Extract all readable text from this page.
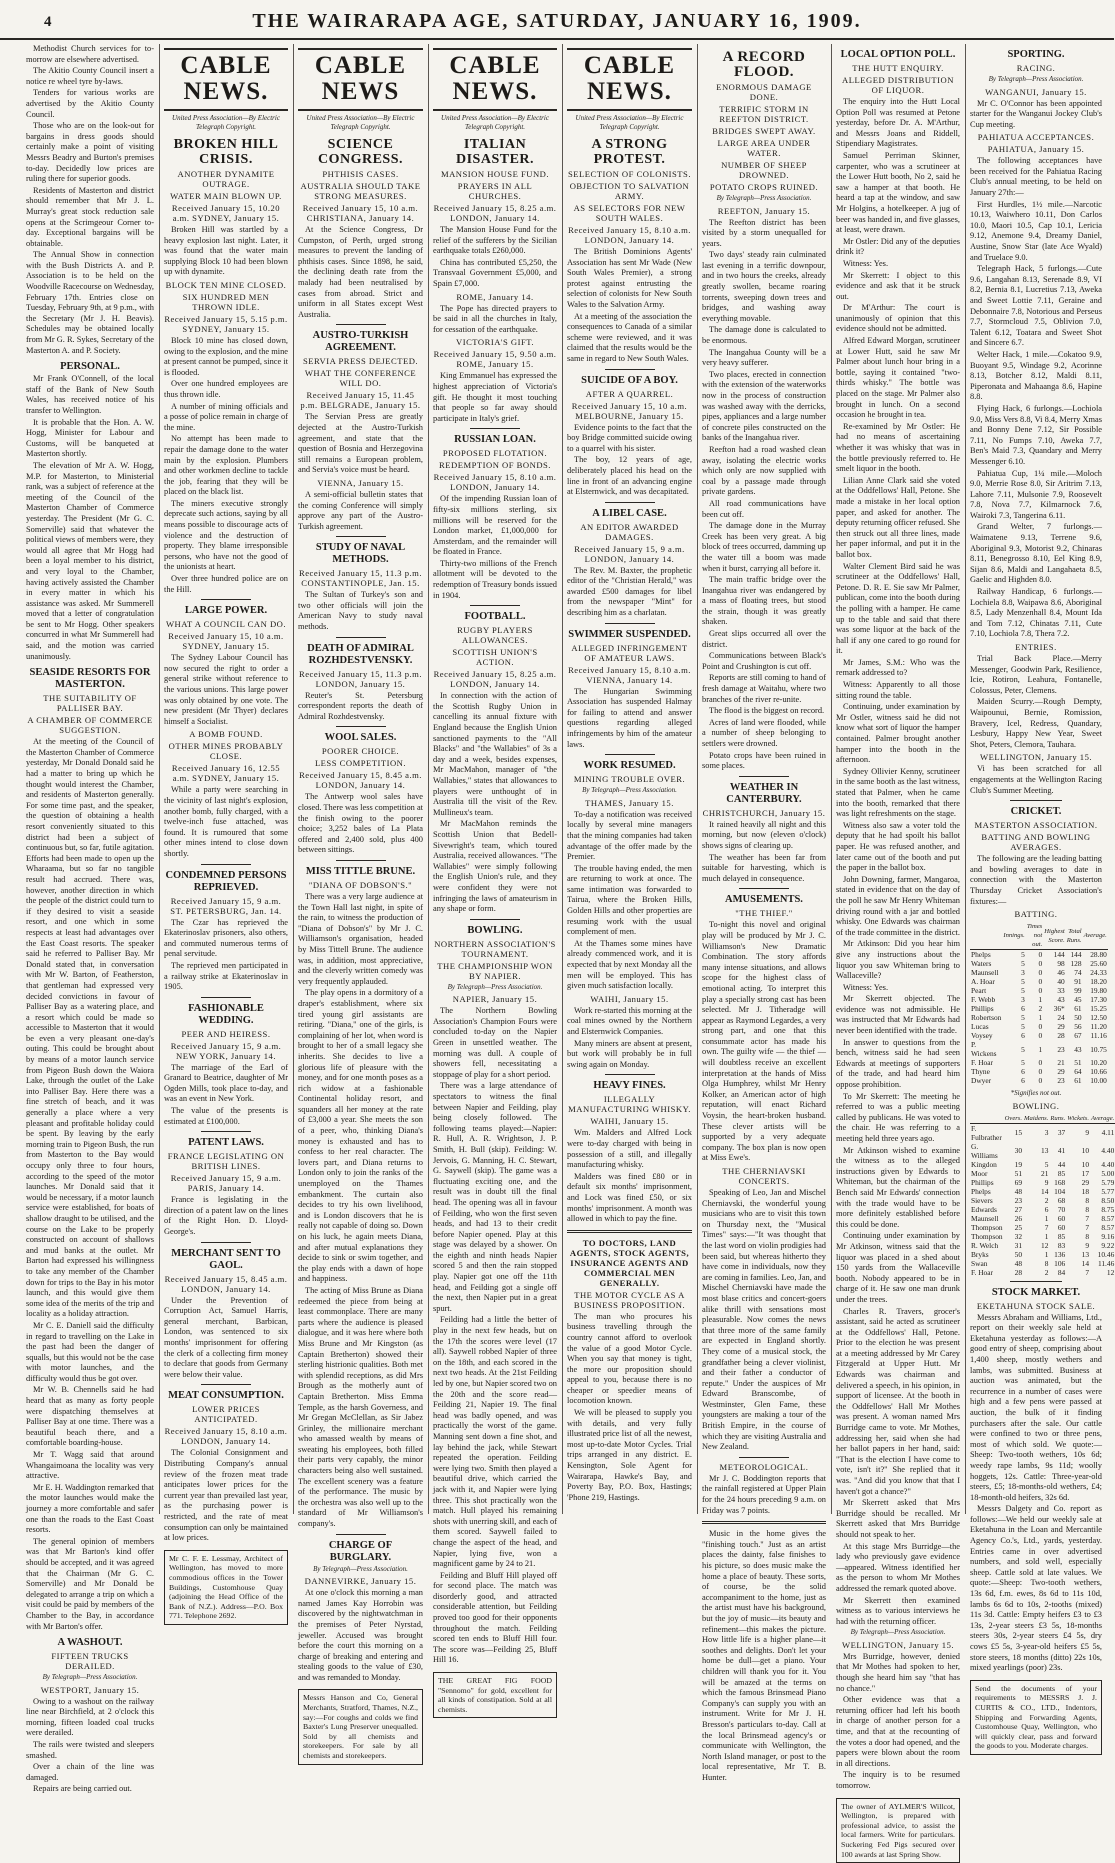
4	THE WAIRARAPA AGE, SATURDAY, JANUARY 16, 1909.

Methodist Church services for to-morrow are elsewhere advertised.

The Akitio County Council insert a notice re wheel tyre by-laws.

Tenders for various works are advertised by the Akitio County Council.

Those who are on the look-out for bargains in dress goods should certainly make a point of visiting Messrs Beadry and Burton's premises to-day. Decidedly low prices are ruling there for superior goods.

Residents of Masterton and district should remember that Mr J. L. Murray's great stock reduction sale opens at the Scrimgeour Corner to-day. Exceptional bargains will be obtainable.

The Annual Show in connection with the Bush Districts A. and P. Association is to be held on the Woodville Racecourse on Wednesday, February 17th. Entries close on Tuesday, February 9th, at 9 p.m., with the Secretary (Mr J. H. Beavis). Schedules may be obtained locally from Mr G. R. Sykes, Secretary of the Masterton A. and P. Society.

PERSONAL.

Mr Frank O'Connell, of the local staff of the Bank of New South Wales, has received notice of his transfer to Wellington.

It is probable that the Hon. A. W. Hogg, Minister for Labour and Customs, will be banqueted at Masterton shortly.

The elevation of Mr A. W. Hogg, M.P. for Masterton, to Ministerial rank, was a subject of reference at the meeting of the Council of the Masterton Chamber of Commerce yesterday. The President (Mr G. C. Somerville) said that whatever the political views of members were, they would all agree that Mr Hogg had been a loyal member to his district, and very loyal to the Chamber, having actively assisted the Chamber in every matter in which his assistance was asked. Mr Summerell moved that a letter of congratulation be sent to Mr Hogg. Other speakers concurred in what Mr Summerell had said, and the motion was carried unanimously.

SEASIDE RESORTS FOR MASTERTON.
THE SUITABILITY OF PALLISER BAY.
A CHAMBER OF COMMERCE SUGGESTION.

At the meeting of the Council of the Masterton Chamber of Commerce yesterday, Mr Donald Donald said he had a matter to bring up which he thought would interest the Chamber, and residents of Masterton generally. For some time past, and the speaker, the question of obtaining a health resort conveniently situated to this district had been a subject of continuous but, so far, futile agitation. Efforts had been made to open up the Wharaama, but so far no tangible result had accrued. There was, however, another direction in which the people of the district could turn to if they desired to visit a seaside resort, and one which in some respects at least had advantages over the East Coast resorts. The speaker said he referred to Palliser Bay. Mr Donald stated that, in conversation with Mr W. Barton, of Featherston, that gentleman had expressed very decided convictions in favour of Palliser Bay as a watering place, and a resort which could be made so accessible to Masterton that it would be even a very pleasant one-day's outing. This could be brought about by means of a motor launch service from Pigeon Bush down the Waiora Lake, through the outlet of the Lake into Palliser Bay. Here there was a fine stretch of beach, and it was generally a place where a very pleasant and profitable holiday could be spent. By leaving by the early morning train to Pigeon Bush, the run from Masterton to the Bay would occupy only three to four hours, according to the speed of the motor launches. Mr Donald said that it would be necessary, if a motor launch service were established, for boats of shallow draught to be utilised, and the course on the Lake to be properly constructed on account of shallows and mud banks at the outlet. Mr Barton had expressed his willingness to take any member of the Chamber down for trips to the Bay in his motor launch, and this would give them some idea of the merits of the trip and locality as a holiday attraction.

Mr C. E. Daniell said the difficulty in regard to travelling on the Lake in the past had been the danger of squalls, but this would not be the case with motor launches, and the difficulty would thus be got over.

Mr W. B. Chennells said he had heard that as many as forty people were dispatching themselves at Palliser Bay at one time. There was a beautiful beach there, and a comfortable boarding-house.

Mr T. Wagg said that around Whangaimoana the locality was very attractive.

Mr E. H. Waddington remarked that the motor launches would make the journey a more comfortable and safer one than the roads to the East Coast resorts.

The general opinion of members was that Mr Barton's kind offer should be accepted, and it was agreed that the Chairman (Mr G. C. Somerville) and Mr Donald be delegated to arrange a trip on which a visit could be paid by members of the Chamber to the Bay, in accordance with Mr Barton's offer.

A WASHOUT.
FIFTEEN TRUCKS DERAILED.
By Telegraph—Press Association.
WESTPORT, January 15.

Owing to a washout on the railway line near Birchfield, at 2 o'clock this morning, fifteen loaded coal trucks were derailed.

The rails were twisted and sleepers smashed.

Over a chain of the line was damaged.

Repairs are being carried out.

CABLE NEWS.
United Press Association—By Electric Telegraph Copyright.
BROKEN HILL CRISIS.
ANOTHER DYNAMITE OUTRAGE.
WATER MAIN BLOWN UP.
Received January 15, 10.20 a.m. SYDNEY, January 15.

Broken Hill was startled by a heavy explosion last night. Later, it was found that the water main supplying Block 10 had been blown up with dynamite.

BLOCK TEN MINE CLOSED.
SIX HUNDRED MEN THROWN IDLE.
Received January 15, 5.15 p.m. SYDNEY, January 15.

Block 10 mine has closed down, owing to the explosion, and the mine at present cannot be pumped, since it is flooded.

Over one hundred employees are thus thrown idle.

A number of mining officials and a posse of police remain in charge of the mine.

No attempt has been made to repair the damage done to the water main by the explosion. Plumbers and other workmen decline to tackle the job, fearing that they will be placed on the black list.

The miners executive strongly deprecate such actions, saying by all means possible to discourage acts of violence and the destruction of property. They blame irresponsible persons, who have not the good of the unionists at heart.

Over three hundred police are on the Hill.

LARGE POWER.
WHAT A COUNCIL CAN DO.
Received January 15, 10 a.m. SYDNEY, January 15.

The Sydney Labour Council has now secured the right to order a general strike without reference to the various unions. This large power was only obtained by one vote. The new president (Mr Thyer) declares himself a Socialist.

A BOMB FOUND.
OTHER MINES PROBABLY CLOSE.
Received January 16, 12.55 a.m. SYDNEY, January 15.

While a party were searching in the vicinity of last night's explosion, another bomb, fully charged, with a twelve-inch fuse attached, was found. It is rumoured that some other mines intend to close down shortly.

CONDEMNED PERSONS REPRIEVED.
Received January 15, 9 a.m. ST. PETERSBURG, Jan. 14.

The Czar has reprieved the Ekaterinoslav prisoners, also others, and commuted numerous terms of penal servitude.

The reprieved men participated in a railway strike at Ekaterinoslav in 1905.

FASHIONABLE WEDDING.
PEER AND HEIRESS.
Received January 15, 9 a.m. NEW YORK, January 14.

The marriage of the Earl of Granard to Beatrice, daughter of Mr Ogden Mills, took place to-day, and was an event in New York.

The value of the presents is estimated at £100,000.

PATENT LAWS.
FRANCE LEGISLATING ON BRITISH LINES.
Received January 15, 9 a.m. PARIS, January 14.

France is legislating in the direction of a patent law on the lines of the Right Hon. D. Lloyd-George's.

MERCHANT SENT TO GAOL.
Received January 15, 8.45 a.m. LONDON, January 14.

Under the Prevention of Corruption Act, Samuel Harris, general merchant, Barbican, London, was sentenced to six months' imprisonment for offering the clerk of a collecting firm money to declare that goods from Germany were below their value.

MEAT CONSUMPTION.
LOWER PRICES ANTICIPATED.
Received January 15, 8.10 a.m. LONDON, January 14.

The Colonial Consignment and Distributing Company's annual review of the frozen meat trade anticipates lower prices for the current year than prevailed last year, as the purchasing power is restricted, and the rate of meat consumption can only be maintained at low prices.

Mr C. F. E. Lessmay, Architect of Wellington, has moved to more commodious offices in the Tower Buildings, Customhouse Quay (adjoining the Head Office of the Bank of N.Z.). Address—P.O. Box 771. Telephone 2692.
CABLE NEWS
United Press Association—By Electric Telegraph Copyright.
SCIENCE CONGRESS.
PHTHISIS CASES.
AUSTRALIA SHOULD TAKE STRONG MEASURES.
Received January 15, 10 a.m. CHRISTIANA, January 14.

At the Science Congress, Dr Cumpston, of Perth, urged strong measures to prevent the landing of phthisis cases. Since 1898, he said, the declining death rate from the malady had been neutralised by cases from abroad. Strict and uniform in all States except West Australia.

AUSTRO-TURKISH AGREEMENT.
SERVIA PRESS DEJECTED.
WHAT THE CONFERENCE WILL DO.
Received January 15, 11.45 p.m. BELGRADE, January 15.

The Servian Press are greatly dejected at the Austro-Turkish agreement, and state that the question of Bosnia and Herzegovina still remains a European problem, and Servia's voice must be heard.

VIENNA, January 15.

A semi-official bulletin states that the coming Conference will simply approve any part of the Austro-Turkish agreement.

STUDY OF NAVAL METHODS.
Received January 15, 11.3 p.m. CONSTANTINOPLE, Jan. 15.

The Sultan of Turkey's son and two other officials will join the American Navy to study naval methods.

DEATH OF ADMIRAL ROZHDESTVENSKY.
Received January 15, 11.3 p.m. LONDON, January 15.

Reuter's St. Petersburg correspondent reports the death of Admiral Rozhdestvensky.

WOOL SALES.
POORER CHOICE.
LESS COMPETITION.
Received January 15, 8.45 a.m. LONDON, January 14.

The Antwerp wool sales have closed. There was less competition at the finish owing to the poorer choice; 3,252 bales of La Plata offered and 2,400 sold, plus 400 between sittings.

MISS TITTLE BRUNE.
"DIANA OF DOBSON'S."

There was a very large audience at the Town Hall last night, in spite of the rain, to witness the production of "Diana of Dobson's" by Mr J. C. Williamson's organisation, headed by Miss Tittell Brune. The audience was, in addition, most appreciative, and the cleverly written comedy was very frequently applauded.

The play opens in a dormitory of a draper's establishment, where six tired young girl assistants are retiring. "Diana," one of the girls, is complaining of her lot, when word is brought to her of a small legacy she inherits. She decides to live a glorious life of pleasure with the money, and for one month poses as a rich widow at a fashionable Continental holiday resort, and squanders all her money at the rate of £3,000 a year. She meets the son of a peer, who, thinking Diana's money is exhausted and has to confess to her real character. The lovers part, and Diana returns to London only to join the ranks of the unemployed on the Thames embankment. The curtain also decides to try his own livelihood, and is London discovers that he is really not capable of doing so. Down on his luck, he again meets Diana, and after mutual explanations they decide to sink or swim together, and the play ends with a dawn of hope and happiness.

The acting of Miss Brune as Diana redeemed the piece from being at least commonplace. There are many parts where the audience is pleased dialogue, and it was here where both Miss Brune and Mr Kingston (as Captain Bretherton) showed their sterling histrionic qualities. Both met with splendid receptions, as did Mrs Brough as the motherly aunt of Captain Bretherton. Miss Emma Temple, as the harsh Governess, and Mr Gregan McClellan, as Sir Jabez Grinley, the millionaire merchant who amassed wealth by means of sweating his employees, both filled their parts very capably, the minor characters being also well sustained. The excellent scenery was a feature of the performance. The music by the orchestra was also well up to the standard of Mr Williamson's company's.

CHARGE OF BURGLARY.
By Telegraph—Press Association.
DANNEVIRKE, January 15.

At one o'clock this morning a man named James Kay Horrobin was discovered by the nightwatchman in the premises of Peter Nyrstad, jeweller. Accused was brought before the court this morning on a charge of breaking and entering and stealing goods to the value of £30, and was remanded to Monday.

Messrs Hanson and Co, General Merchants, Stratford, Thames, N.Z., say:—For coughs and colds we find Baxter's Lung Preserver unequalled. Sold by all chemists and storekeepers. For sale by all chemists and storekeepers.
CABLE NEWS.
United Press Association—By Electric Telegraph Copyright.
ITALIAN DISASTER.
MANSION HOUSE FUND.
PRAYERS IN ALL CHURCHES.
Received January 15, 8.25 a.m. LONDON, January 14.

The Mansion House Fund for the relief of the sufferers by the Sicilian earthquake totals £260,000.

China has contributed £5,250, the Transvaal Government £5,000, and Spain £7,000.

ROME, January 14.

The Pope has directed prayers to be said in all the churches in Italy, for cessation of the earthquake.

VICTORIA'S GIFT.
Received January 15, 9.50 a.m. ROME, January 15.

King Emmanuel has expressed the highest appreciation of Victoria's gift. He thought it most touching that people so far away should participate in Italy's grief.

RUSSIAN LOAN.
PROPOSED FLOTATION.
REDEMPTION OF BONDS.
Received January 15, 8.10 a.m. LONDON, January 14.

Of the impending Russian loan of fifty-six millions sterling, six millions will be reserved for the London market, £1,000,000 for Amsterdam, and the remainder will be floated in France.

Thirty-two millions of the French allotment will be devoted to the redemption of Treasury bonds issued in 1904.

FOOTBALL.
RUGBY PLAYERS ALLOWANCES.
SCOTTISH UNION'S ACTION.
Received January 15, 8.25 a.m. LONDON, January 14.

In connection with the action of the Scottish Rugby Union in cancelling its annual fixture with England because the English Union sanctioned payments to the "All Blacks" and "the Wallabies" of 3s a day and a week, besides expenses, Mr MacMahon, manager of "the Wallabies," states that allowances to players were unthought of in Australia till the visit of the Rev. Mullineux's team.

Mr MacMahon reminds the Scottish Union that Bedell-Sivewright's team, which toured Australia, received allowances. "The Wallabies" were simply following the English Union's rule, and they were confident they were not infringing the laws of amateurism in any shape or form.

BOWLING.
NORTHERN ASSOCIATION'S TOURNAMENT.
THE CHAMPIONSHIP WON BY NAPIER.
By Telegraph—Press Association.
NAPIER, January 15.

The Northern Bowling Association's Champion Fours were concluded to-day on the Napier Green in unsettled weather. The morning was dull. A couple of showers fell, necessitating a stoppage of play for a short period.

There was a large attendance of spectators to witness the final between Napier and Feilding, play being closely followed. The following teams played:—Napier: R. Hull, A. R. Wrightson, J. P. Smith, H. Bull (skip). Feilding: W. Jervois, G. Manning, H. C. Stewart, G. Saywell (skip). The game was a fluctuating exciting one, and the result was in doubt till the final head. The opening was all in favour of Feilding, who won the first seven heads, and had 13 to their credit before Napier opened. Play at this stage was delayed by a shower. On the eighth and ninth heads Napier scored 5 and then the rain stopped play. Napier got one off the 11th head, and Feilding got a single off the next, then Napier put in a great spurt.

Feilding had a little the better of play in the next few heads, but on the 17th the scores were level (17 all). Saywell robbed Napier of three on the 18th, and each scored in the next two heads. At the 21st Feilding led by one, but Napier scored two on the 20th and the score read—Feilding 21, Napier 19. The final head was badly opened, and was practically the worst of the game. Manning sent down a fine shot, and lay behind the jack, while Stewart repeated the operation. Feilding were lying two. Smith then played a beautiful drive, which carried the jack with it, and Napier were lying three. This shot practically won the match. Hull played his remaining shots with unerring skill, and each of them scored. Saywell failed to change the aspect of the head, and Napier, lying five, won a magnificent game by 24 to 21.

Feilding and Bluff Hill played off for second place. The match was disorderly good, and attracted considerable attention, but Feilding proved too good for their opponents throughout the match. Feilding scored ten ends to Bluff Hill four. The score was—Feilding 25, Bluff Hill 16.

THE GREAT FIG FOOD "Sennomo" for gold, excellent for all kinds of constipation. Sold at all chemists.
CABLE NEWS.
United Press Association—By Electric Telegraph Copyright.
A STRONG PROTEST.
SELECTION OF COLONISTS.
OBJECTION TO SALVATION ARMY.
AS SELECTORS FOR NEW SOUTH WALES.
Received January 15, 8.10 a.m. LONDON, January 14.

The British Dominions Agents' Association has sent Mr Wade (New South Wales Premier), a strong protest against entrusting the selection of colonists for New South Wales to the Salvation Army.

At a meeting of the association the consequences to Canada of a similar scheme were reviewed, and it was claimed that the results would be the same in regard to New South Wales.

SUICIDE OF A BOY.
AFTER A QUARREL.
Received January 15, 10 a.m. MELBOURNE, January 15.

Evidence points to the fact that the boy Bridge committed suicide owing to a quarrel with his sister.

The boy, 12 years of age, deliberately placed his head on the line in front of an advancing engine at Elsternwick, and was decapitated.

A LIBEL CASE.
AN EDITOR AWARDED DAMAGES.
Received January 15, 9 a.m. LONDON, January 14.

The Rev. M. Baxter, the prophetic editor of the "Christian Herald," was awarded £500 damages for libel from the newspaper "Mint" for describing him as a charlatan.

SWIMMER SUSPENDED.
ALLEGED INFRINGEMENT OF AMATEUR LAWS.
Received January 15, 8.10 a.m. VIENNA, January 14.

The Hungarian Swimming Association has suspended Halmay for failing to attend and answer questions regarding alleged infringements by him of the amateur laws.

WORK RESUMED.
MINING TROUBLE OVER.
By Telegraph—Press Association.
THAMES, January 15.

To-day a notification was received locally by several mine managers that the mining companies had taken advantage of the offer made by the Premier.

The trouble having ended, the men are returning to work at once. The same intimation was forwarded to Tairua, where the Broken Hills, Golden Hills and other properties are resuming work with the usual complement of men.

At the Thames some mines have already commenced work, and it is expected that by next Monday all the men will be employed. This has given much satisfaction locally.

WAIHI, January 15.

Work re-started this morning at the coal mines owned by the Northern and Elsternwick Companies.

Many miners are absent at present, but work will probably be in full swing again on Monday.

HEAVY FINES.
ILLEGALLY MANUFACTURING WHISKY.
WAIHI, January 15.

Wm. Malders and Alfred Lock were to-day charged with being in possession of a still, and illegally manufacturing whisky.

Malders was fined £80 or in default six months' imprisonment, and Lock was fined £50, or six months' imprisonment. A month was allowed in which to pay the fine.

TO DOCTORS, LAND AGENTS, STOCK AGENTS, INSURANCE AGENTS AND COMMERCIAL MEN GENERALLY.
THE MOTOR CYCLE AS A BUSINESS PROPOSITION.

The man who procures his business travelling through the country cannot afford to overlook the value of a good Motor Cycle. When you say that money is tight, the more our proposition should appeal to you, because there is no cheaper or speedier means of locomotion known.

We will be pleased to supply you with details, and very fully illustrated price list of all the newest, most up-to-date Motor Cycles. Trial trips arranged in any district. E. Kensington, Sole Agent for Wairarapa, Hawke's Bay, and Poverty Bay, P.O. Box, Hastings; 'Phone 219, Hastings.

A RECORD FLOOD.
ENORMOUS DAMAGE DONE.
TERRIFIC STORM IN REEFTON DISTRICT.
BRIDGES SWEPT AWAY.
LARGE AREA UNDER WATER.
NUMBER OF SHEEP DROWNED.
POTATO CROPS RUINED.
By Telegraph—Press Association.
REEFTON, January 15.

The Reefton district has been visited by a storm unequalled for years.

Two days' steady rain culminated last evening in a terrific downpour, and in two hours the creeks, already greatly swollen, became roaring torrents, sweeping down trees and bridges, and washing away everything movable.

The damage done is calculated to be enormous.

The Inangahua County will be a very heavy sufferer.

Two places, erected in connection with the extension of the waterworks now in the process of construction was washed away with the derricks, pipes, appliances and a large number of concrete piles constructed on the banks of the Inangahua river.

Reefton had a road washed clean away, isolating the electric works which only are now supplied with coal by a passage made through private gardens.

All road communications have been cut off.

The damage done in the Murray Creek has been very great. A big block of trees occurred, damming up the water till a boom was made when it burst, carrying all before it.

The main traffic bridge over the Inangahua river was endangered by a mass of floating trees, but stood the strain, though it was greatly shaken.

Great slips occurred all over the district.

Communications between Black's Point and Crushington is cut off.

Reports are still coming to hand of fresh damage at Waitahu, where two branches of the river re-unite.

The flood is the biggest on record.

Acres of land were flooded, while a number of sheep belonging to settlers were drowned.

Potato crops have been ruined in some places.

WEATHER IN CANTERBURY.
CHRISTCHURCH, January 15.

It rained heavily all night and this morning, but now (eleven o'clock) shows signs of clearing up.

The weather has been far from suitable for harvesting, which is much delayed in consequence.

AMUSEMENTS.
"THE THIEF."

To-night this novel and original play will be produced by Mr J. C. Williamson's New Dramatic Combination. The story affords many intense situations, and allows scope for the highest class of emotional acting. To interpret this play a specially strong cast has been selected. Mr J. Titheradge will appear as Raymond Legardes, a very strong part, and one that this consummate actor has made his own. The guilty wife — the thief — will doubtless receive an excellent interpretation at the hands of Miss Olga Humphrey, whilst Mr Henry Kolker, an American actor of high reputation, will enact Richard Voysin, the heart-broken husband. These clever artists will be supported by a very adequate company. The box plan is now open at Miss Ewe's.

THE CHERNIAVSKI CONCERTS.

Speaking of Leo, Jan and Mischel Cherniavski, the wonderful young musicians who are to visit this town on Thursday next, the "Musical Times" says:—"It was thought that the last word on violin prodigies had been said, but whereas hitherto they have come in individuals, now they are coming in families. Leo, Jan, and Mischel Cherniavski have made the most blase critics and concert-goers alike thrill with sensations most pleasurable. Now comes the news that three more of the same family are expected in England shortly. They come of a musical stock, the grandfather being a clever violinist, and their father a conductor of repute." Under the auspices of Mr Edward Branscombe, of Westminster, Glen Fame, these youngsters are making a tour of the British Empire, in the course of which they are visiting Australia and New Zealand.

METEOROLOGICAL.

Mr J. C. Boddington reports that the rainfall registered at Upper Plain for the 24 hours preceding 9 a.m. on Friday was 7 points.

Music in the home gives the "finishing touch." Just as an artist places the dainty, false finishes to his picture, so does music make the home a place of beauty. These sorts, of course, be the solid accompaniment to the home, just as the artist must have his background, but the joy of music—its beauty and refinement—this makes the picture. How little life is a higher plane—it soothes and delights. Don't let your home be dull—get a piano. Your children will thank you for it. You will be amazed at the terms on which the famous Brinsmead Piano Company's can supply you with an instrument. Write for Mr J. H. Bresson's particulars to-day. Call at the local Brinsmead agency's or communicate with Wellington, the North Island manager, or post to the local representative, Mr T. B. Hunter.

LOCAL OPTION POLL.
THE HUTT ENQUIRY.
ALLEGED DISTRIBUTION OF LIQUOR.

The enquiry into the Hutt Local Option Poll was resumed at Petone yesterday, before Dr. A. M'Arthur, and Messrs Joans and Riddell, Stipendiary Magistrates.

Samuel Perriman Skinner, carpenter, who was a scrutineer at the Lower Hutt booth, No 2, said he saw a hamper at that booth. He heard a tap at the window, and saw Mr Holgins, a hotelkeeper. A jug of beer was handed in, and five glasses, at least, were drawn.

Mr Ostler: Did any of the deputies drink it?

Witness: Yes.

Mr Skerrett: I object to this evidence and ask that it be struck out.

Dr M'Arthur: The court is unanimously of opinion that this evidence should not be admitted.

Alfred Edward Morgan, scrutineer at Lower Hutt, said he saw Mr Palmer about lunch hour bring in a bottle, saying it contained "two-thirds whisky." The bottle was placed on the stage. Mr Palmer also brought in lunch. On a second occasion he brought in tea.

Re-examined by Mr Ostler: He had no means of ascertaining whether it was whisky that was in the bottle previously referred to. He smelt liquor in the booth.

Lilian Anne Clark said she voted at the Oddfellows' Hall, Petone. She made a mistake in her local option paper, and asked for another. The deputy returning officer refused. She then struck out all three lines, made her paper informal, and put it in the ballot box.

Walter Clement Bird said he was scrutineer at the Oddfellows' Hall, Petone. D. R. E. Sie saw Mr Palmer, publican, come into the booth during the polling with a hamper. He came up to the table and said that there was some liquor at the back of the hall if any one cared to go round for it.

Mr James, S.M.: Who was the remark addressed to?

Witness: Apparently to all those sitting round the table.

Continuing, under examination by Mr Ostler, witness said he did not know what sort of liquor the hamper contained. Palmer brought another hamper into the booth in the afternoon.

Sydney Ollivier Kenny, scrutineer in the same booth as the last witness, stated that Palmer, when he came into the booth, remarked that there was light refreshments on the stage.

Witness also saw a voter told the deputy that he had spoilt his ballot paper. He was refused another, and later came out of the booth and put the paper in the ballot box.

John Downing, farmer, Mangaroa, stated in evidence that on the day of the poll he saw Mr Henry Whiteman driving round with a jar and bottled whisky. One Edwards was chairman of the trade committee in the district.

Mr Atkinson: Did you hear him give any instructions about the liquor you saw Whiteman bring to Wallaceville?

Witness: Yes.

Mr Skerrett objected. The evidence was not admissible. He was instructed that Mr Edwards had never been identified with the trade.

In answer to questions from the bench, witness said he had seen Edwards at meetings of supporters of the trade, and had heard him oppose prohibition.

To Mr Skerrett: The meeting he referred to was a public meeting called by publicans. He was voted to the chair. He was referring to a meeting held three years ago.

Mr Atkinson wished to examine the witness as to the alleged instructions given by Edwards to Whiteman, but the chairman of the Bench said Mr Edwards' connection with the trade would have to be more definitely established before this could be done.

Continuing under examination by Mr Atkinson, witness said that the liquor was placed in a shed about 150 yards from the Wallaceville booth. Nobody appeared to be in charge of it. He saw one man drunk under the trees.

Charles R. Travers, grocer's assistant, said he acted as scrutineer at the Oddfellows' Hall, Petone. Prior to the election he was present at a meeting addressed by Mr Carey Fitzgerald at Upper Hutt. Mr Edwards was chairman and delivered a speech, in his opinion, in support of licensee. At the booth in the Oddfellows' Hall Mr Mothes was present. A woman named Mrs Burridge came to vote. Mr Mothes, addressing her, said when she had her ballot papers in her hand, said: "That is the election I have come to vote, isn't it?" She replied that it was. "And did you know that that I haven't got a chance?"

Mr Skerrett asked that Mrs Burridge should be recalled. Mr Skerrett asked that Mrs Burridge should not speak to her.

At this stage Mrs Burridge—the lady who previously gave evidence—appeared. Witness identified her as the person to whom Mr Mothes addressed the remark quoted above.

Mr Skerrett then examined witness as to various interviews he had with the returning officer.

By Telegraph—Press Association.
WELLINGTON, January 15.

Mrs Burridge, however, denied that Mr Mothes had spoken to her, though she heard him say "that has no chance."

Other evidence was that a returning officer had left his booth in charge of another person for a time, and that at the recounting of the votes a door had opened, and the papers were blown about the room in all directions.

The inquiry is to be resumed tomorrow.

The owner of AYLMER'S Willcot, Wellington, is prepared with professional advice, to assist the local farmers. Write for particulars. Suckering Fed Pigs secured over 100 awards at last Spring Show.
SPORTING.
RACING.
By Telegraph—Press Association.
WANGANUI, January 15.

Mr C. O'Connor has been appointed starter for the Wanganui Jockey Club's Cup meeting.

PAHIATUA ACCEPTANCES.
PAHIATUA, January 15.

The following acceptances have been received for the Pahiatua Racing Club's annual meeting, to be held on January 27th:—

First Hurdles, 1½ mile.—Narcotic 10.13, Waiwhero 10.11, Don Carlos 10.0, Maori 10.5, Cap 10.1, Lericia 9.12, Anemone 9.4, Dreamy Daniel, Austine, Snow Star (late Ace Wyald) and Truelace 9.0.

Telegraph Hack, 5 furlongs.—Cute 9.6, Langahan 8.13, Serenade 8.9, VI 8.2, Bernia 8.1, Lucretius 7.13, Aweka and Sweet Lottie 7.11, Geraine and Debonnaire 7.8, Notorious and Perseus 7.7, Stormcloud 7.5, Oblivion 7.0, Talent 6.12, Toatara and Sweet Shot and Sincere 6.7.

Welter Hack, 1 mile.—Cokatoo 9.9, Buoyant 9.5, Windage 9.2, Acorinne 8.13, Botcher 8.12, Maldi 8.11, Piperonata and Mahaanga 8.6, Hapine 8.8.

Flying Hack, 6 furlongs.—Lochiola 9.0, Miss Vers 8.8, Vi 8.4, Merry Xmas and Bonny Dene 7.12, Sir Possible 7.11, No Fumps 7.10, Aweka 7.7, Ben's Maid 7.3, Quandary and Merry Messenger 6.10.

Pahiatua Cup, 1¼ mile.—Moloch 9.0, Merrie Rose 8.0, Sir Aritrim 7.13, Lahore 7.11, Mulsonie 7.9, Roosevelt 7.8, Nova 7.7, Kilmarnock 7.6, Wairoki 7.3, Tangerina 6.11.

Grand Welter, 7 furlongs.—Waimatene 9.13, Terrene 9.6, Aboriginal 9.3, Motorist 9.2, Chinaras 8.11, Benegrosso 8.10, Eel King 8.9, Sijan 8.6, Maldi and Langahaeta 8.5, Gaelic and Highden 8.0.

Railway Handicap, 6 furlongs.—Lochiela 8.8, Waipawa 8.6, Aboriginal 8.5, Lady Menzenhall 8.4, Mount Ida and Tom 7.12, Chinatas 7.11, Cute 7.10, Lochiola 7.8, Thera 7.2.

ENTRIES.

Trial Back Place.—Merry Messenger, Goodwin Park, Resilience, Icie, Rotiron, Leahura, Fontanelle, Colossus, Peter, Clemens.

Maiden Scurry.—Rough Dempty, Waipounui, Bernie, Romission, Bravery, Icel, Redress, Quandary, Lesbury, Happy New Year, Sweet Shot, Peters, Clemora, Tauhara.

WELLINGTON, January 15.

Vi has been scratched for all engagements at the Wellington Racing Club's Summer Meeting.

CRICKET.
MASTERTON ASSOCIATION.
BATTING AND BOWLING AVERAGES.

The following are the leading batting and bowling averages to date in connection with the Masterton Thursday Cricket Association's fixtures:—

BATTING.
	Innings.	Times not out.	Highest Score.	Total Runs.	Average.
Phelps	5	0	144	144	28.80
Waters	5	0	98	128	25.60
Maunsell	3	0	46	74	24.33
A. Hoar	5	0	40	91	18.20
Peart	5	0	33	99	19.80
F. Webb	3	1	43	45	17.30
Phillips	6	2	36*	61	15.25
Robertson	5	1	24	50	12.50
Lucas	5	0	29	56	11.20
Voysey	6	0	28	67	11.16
P. Wickens	5	1	23	43	10.75
F. Hoar	5	0	21	51	10.20
Thyne	6	0	29	64	10.66
Dwyer	6	0	23	61	10.00
*Signifies not out.
BOWLING.
	Overs.	Maidens.	Runs.	Wickets.	Average.
F. Fulbrather	15	3	37	9	4.11
G. Williams	30	13	41	10	4.40
Kingdon	19	5	44	10	4.40
Moor	51	21	85	17	5.00
Phillips	69	9	168	29	5.79
Phelps	48	14	104	18	5.77
Sievers	23	2	68	8	8.50
Edwards	27	6	70	8	8.75
Maunsell	26	1	60	7	8.57
Thompson	25	7	60	7	8.57
Thompson	32	1	85	8	9.16
R. Welch	31	12	83	9	9.22
Bryks	50	1	136	13	10.46
Swan	48	8	106	14	11.46
F. Hoar	28	2	84	7	12
STOCK MARKET.
EKETAHUNA STOCK SALE.

Messrs Abraham and Williams, Ltd., report on their weekly sale held at Eketahuna yesterday as follows:—A good entry of sheep, comprising about 1,400 sheep, mostly wethers and lambs, was submitted. Business at auction was animated, but the recurrence in a number of cases were high and a few pens were passed at auction, the bulk of it finding purchasers after the sale. Our cattle were confined to two or three pens, most of which sold. We quote:—Sheep: Two-tooth wethers, 10s 6d; weedy rape lambs, 9s 11d; woolly hoggets, 12s. Cattle: Three-year-old steers, £5; 18-months-old wethers, £4; 18-month-old heifers, 32s 6d.

Messrs Dalgety and Co. report as follows:—We held our weekly sale at Eketahuna in the Loan and Mercantile Agency Co.'s, Ltd., yards, yesterday. Entries came in over advertised numbers, and sold well, especially sheep. Cattle sold at late values. We quote:—Sheep: Two-tooth wethers, 13s 6d, f.m. ewes, 8s 6d to 11s 10d, lambs 6s 6d to 10s, 2-tooths (mixed) 11s 3d. Cattle: Empty heifers £3 to £3 13s, 2-year steers £3 5s, 18-months steers 30s, 2-year steers £4 5s, dry cows £5 5s, 3-year-old heifers £5 5s, store steers, 18 months (ditto) 22s 10s, mixed yearlings (poor) 23s.

Send the documents of your requirements to MESSRS J. J. CURTIS & CO., LTD., Indentors, Shipping and Forwarding Agents, Customhouse Quay, Wellington, who will quickly clear, pass and forward the goods to you. Moderate charges.
